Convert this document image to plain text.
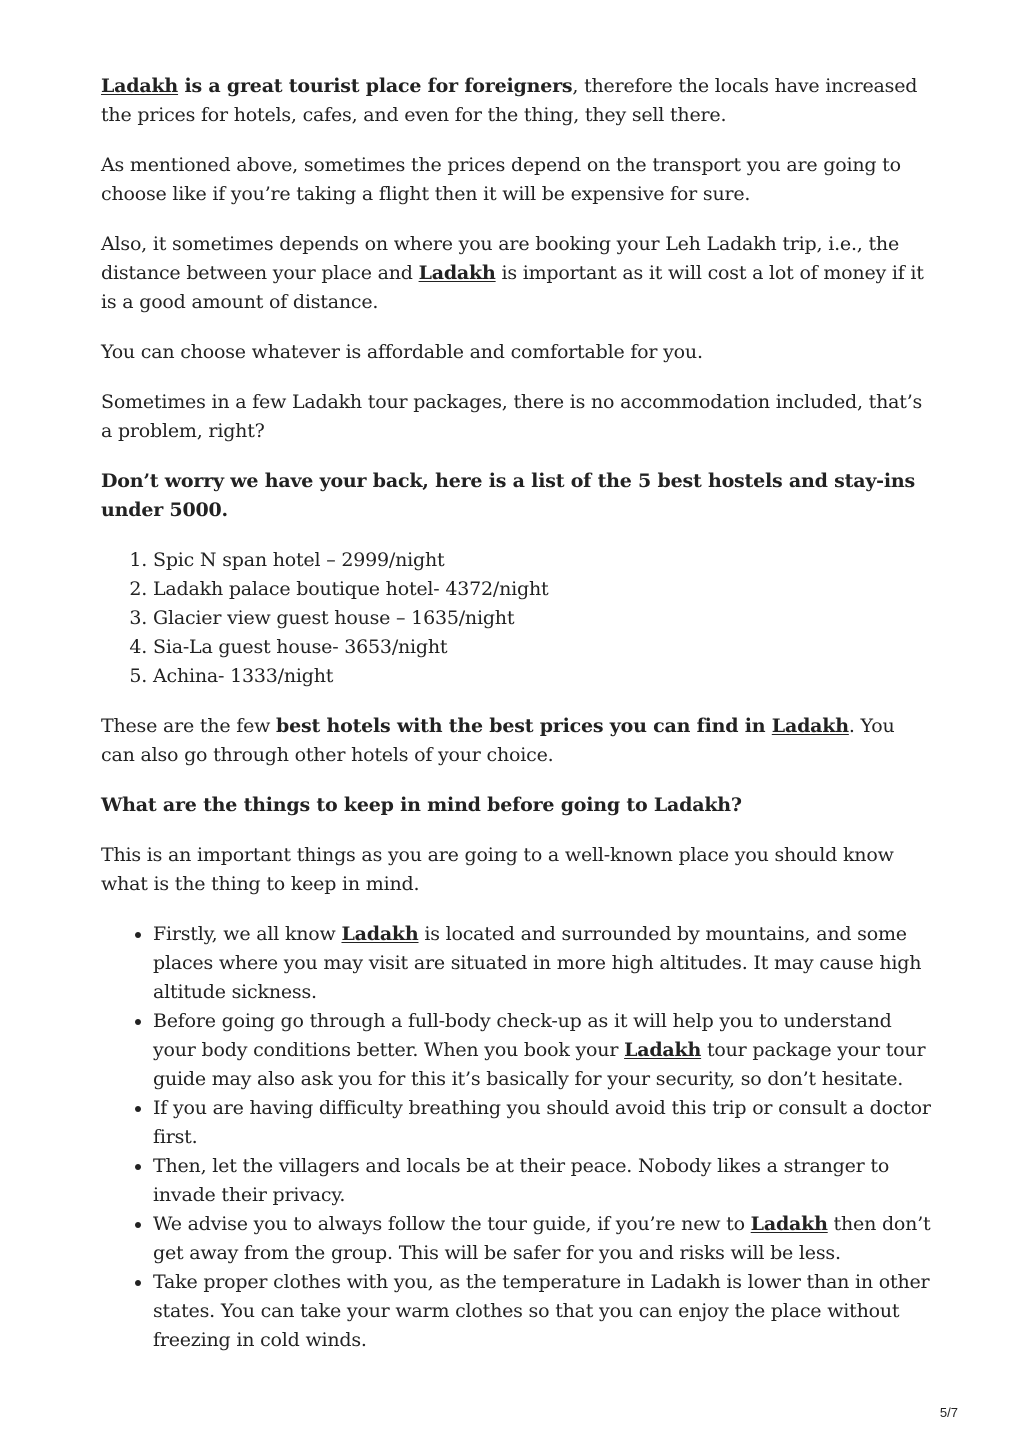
Ladakh is a great tourist place for foreigners, therefore the locals have increased the prices for hotels, cafes, and even for the thing, they sell there.

As mentioned above, sometimes the prices depend on the transport you are going to choose like if you’re taking a flight then it will be expensive for sure.

Also, it sometimes depends on where you are booking your Leh Ladakh trip, i.e., the distance between your place and Ladakh is important as it will cost a lot of money if it is a good amount of distance.

You can choose whatever is affordable and comfortable for you.

Sometimes in a few Ladakh tour packages, there is no accommodation included, that’s a problem, right?

Don’t worry we have your back, here is a list of the 5 best hostels and stay-ins under 5000.

1. Spic N span hotel – 2999/night
2. Ladakh palace boutique hotel- 4372/night
3. Glacier view guest house – 1635/night
4. Sia-La guest house- 3653/night
5. Achina- 1333/night

These are the few best hotels with the best prices you can find in Ladakh. You can also go through other hotels of your choice.

What are the things to keep in mind before going to Ladakh?

This is an important things as you are going to a well-known place you should know what is the thing to keep in mind.

• Firstly, we all know Ladakh is located and surrounded by mountains, and some places where you may visit are situated in more high altitudes. It may cause high altitude sickness.
• Before going go through a full-body check-up as it will help you to understand your body conditions better. When you book your Ladakh tour package your tour guide may also ask you for this it’s basically for your security, so don’t hesitate.
• If you are having difficulty breathing you should avoid this trip or consult a doctor first.
• Then, let the villagers and locals be at their peace. Nobody likes a stranger to invade their privacy.
• We advise you to always follow the tour guide, if you’re new to Ladakh then don’t get away from the group. This will be safer for you and risks will be less.
• Take proper clothes with you, as the temperature in Ladakh is lower than in other states. You can take your warm clothes so that you can enjoy the place without freezing in cold winds.
5/7
